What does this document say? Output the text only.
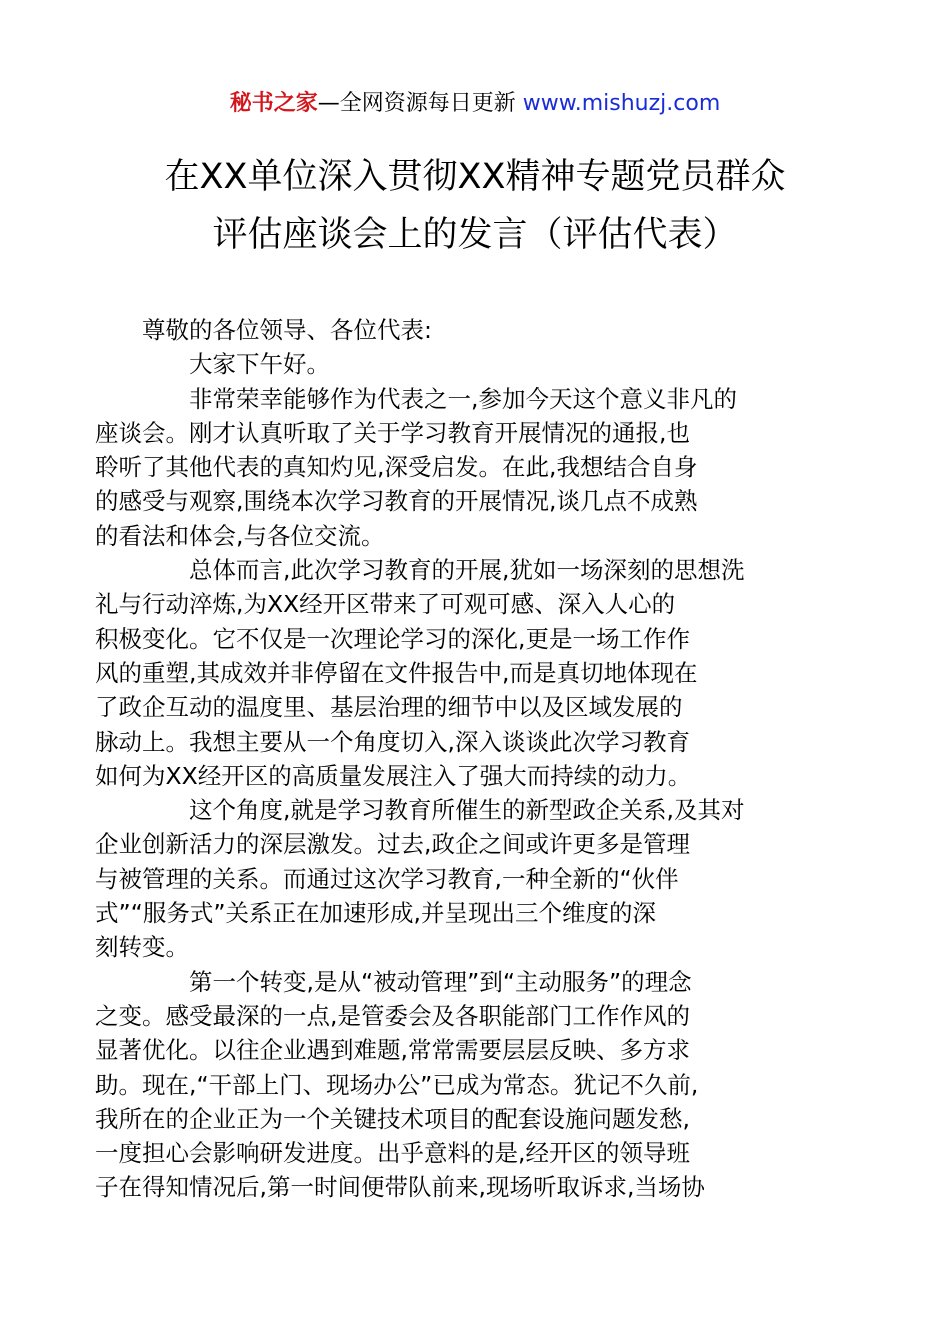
秘书之家—全网资源每日更新 www.mishuzj.com
在XX单位深入贯彻XX精神专题党员群众
评估座谈会上的发言（评估代表）
尊敬的各位领导、各位代表:
大家下午好。
非常荣幸能够作为代表之一,参加今天这个意义非凡的
座谈会。刚才认真听取了关于学习教育开展情况的通报,也
聆听了其他代表的真知灼见,深受启发。在此,我想结合自身
的感受与观察,围绕本次学习教育的开展情况,谈几点不成熟
的看法和体会,与各位交流。
总体而言,此次学习教育的开展,犹如一场深刻的思想洗
礼与行动淬炼,为XX经开区带来了可观可感、深入人心的
积极变化。它不仅是一次理论学习的深化,更是一场工作作
风的重塑,其成效并非停留在文件报告中,而是真切地体现在
了政企互动的温度里、基层治理的细节中以及区域发展的
脉动上。我想主要从一个角度切入,深入谈谈此次学习教育
如何为XX经开区的高质量发展注入了强大而持续的动力。
这个角度,就是学习教育所催生的新型政企关系,及其对
企业创新活力的深层激发。过去,政企之间或许更多是管理
与被管理的关系。而通过这次学习教育,一种全新的“伙伴
式”“服务式”关系正在加速形成,并呈现出三个维度的深
刻转变。
第一个转变,是从“被动管理”到“主动服务”的理念
之变。感受最深的一点,是管委会及各职能部门工作作风的
显著优化。以往企业遇到难题,常常需要层层反映、多方求
助。现在,“干部上门、现场办公”已成为常态。犹记不久前,
我所在的企业正为一个关键技术项目的配套设施问题发愁,
一度担心会影响研发进度。出乎意料的是,经开区的领导班
子在得知情况后,第一时间便带队前来,现场听取诉求,当场协
